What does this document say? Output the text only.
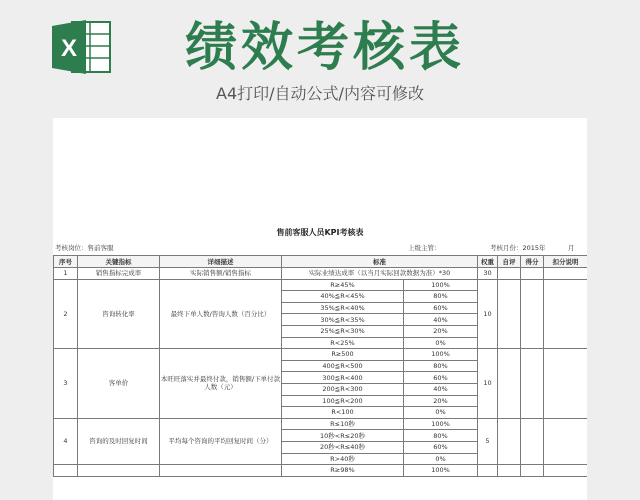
X 绩效考核表
A4打印/自动公式/内容可修改
售前客服人员KPI考核表
考核岗位：售前客服	上级主管：	考核月份：2015年	月
序号	关键指标	详细描述	标准		权重	自评	得分	扣分说明
1	销售指标完成率	实际销售额/销售指标	实际业绩达成率（以当月实际回款数据为准）*30		30			
2	咨询转化率	最终下单人数/咨询人数（百分比）	R≥45%	100%	10			
			40%≦R<45%	80%				
			35%≦R<40%	60%				
			30%≦R<35%	40%				
			25%≦R<30%	20%				
			R<25%	0%				
3	客单价	本旺旺落实并最终付款，销售额/下单付款人数（元）	R≥500	100%	10			
			400≦R<500	80%				
			300≦R<400	60%				
			200≦R<300	40%				
			100≦R<200	20%				
			R<100	0%				
4	咨询的及时回复时间	平均每个咨询的平均回复时间（分）	R≤10秒	100%	5			
			10秒<R≤20秒	80%				
			20秒<R≤40秒	60%				
			R>40秒	0%				
			R≥98%	100%				
